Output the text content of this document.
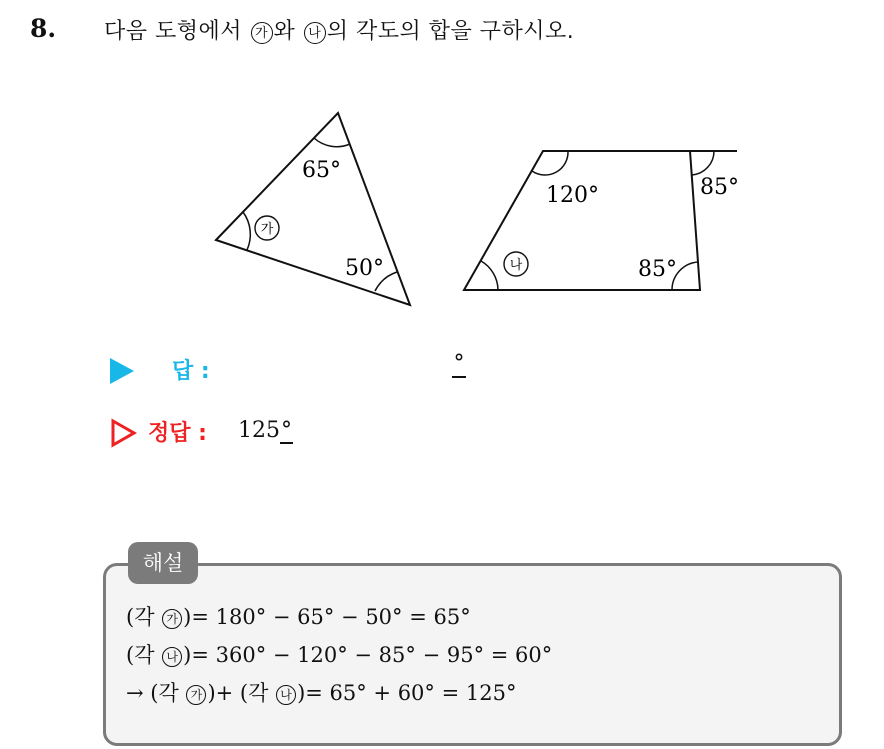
8. 다음 도형에서 가 와 나 의 각도의 합을 구하시오.
65°
50°
가
120°	85°
85°
나
답 :	°
정답 : 125°
해설
(각 가 )= 180° − 65° − 50° = 65°
(각 나 )= 360° − 120° − 85° − 95° = 60°
→ (각 가 )+ (각 나 )= 65° + 60° = 125°
